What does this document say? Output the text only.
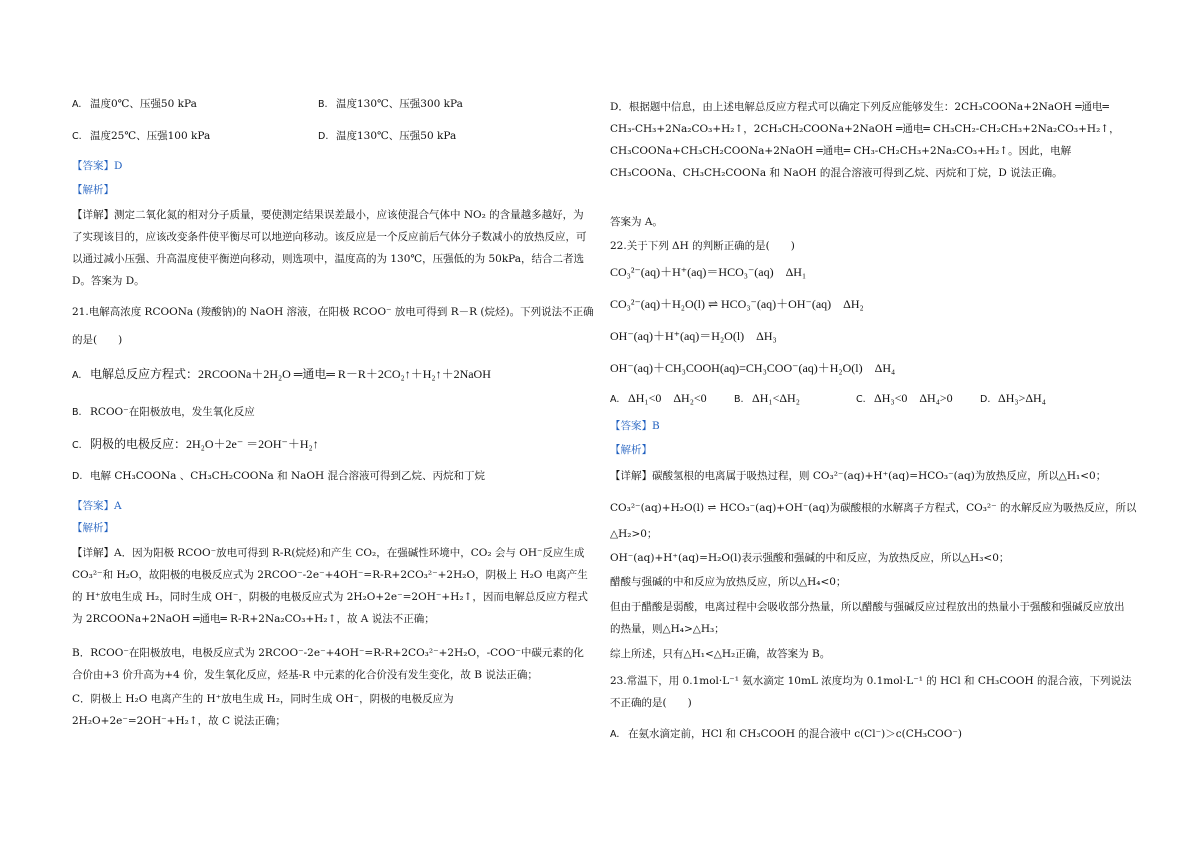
A. 温度0℃、压强50 kPa	B. 温度130℃、压强300 kPa
C. 温度25℃、压强100 kPa	D. 温度130℃、压强50 kPa
【答案】D
【解析】
【详解】测定二氧化氮的相对分子质量，要使测定结果误差最小，应该使混合气体中 NO₂ 的含量越多越好，为了实现该目的，应该改变条件使平衡尽可以地逆向移动。该反应是一个反应前后气体分子数减小的放热反应，可以通过减小压强、升高温度使平衡逆向移动，则选项中，温度高的为 130℃，压强低的为 50kPa，结合二者选 D。答案为 D。
21.电解高浓度 RCOONa (羧酸钠)的 NaOH 溶液，在阳极 RCOO⁻ 放电可得到 R－R (烷烃)。下列说法不正确
的是(　　)
A. 电解总反应方程式：2RCOONa＋2H₂O ═通电═ R－R＋2CO₂↑＋H₂↑＋2NaOH
B. RCOO⁻在阳极放电，发生氧化反应
C. 阴极的电极反应：2H₂O＋2e⁻ ＝2OH⁻＋H₂↑
D. 电解 CH₃COONa 、CH₃CH₂COONa 和 NaOH 混合溶液可得到乙烷、丙烷和丁烷
【答案】A
【解析】
【详解】A．因为阳极 RCOO⁻放电可得到 R-R(烷烃)和产生 CO₂，在强碱性环境中，CO₂ 会与 OH⁻反应生成 CO₃²⁻和 H₂O，故阳极的电极反应式为 2RCOO⁻-2e⁻+4OH⁻=R-R+2CO₃²⁻+2H₂O，阴极上 H₂O 电离产生的 H⁺放电生成 H₂，同时生成 OH⁻，阴极的电极反应式为 2H₂O+2e⁻=2OH⁻+H₂↑，因而电解总反应方程式为 2RCOONa+2NaOH ═通电═ R-R+2Na₂CO₃+H₂↑，故 A 说法不正确；
B．RCOO⁻在阳极放电，电极反应式为 2RCOO⁻-2e⁻+4OH⁻=R-R+2CO₃²⁻+2H₂O，-COO⁻中碳元素的化合价由+3 价升高为+4 价，发生氧化反应，烃基-R 中元素的化合价没有发生变化，故 B 说法正确；
C．阴极上 H₂O 电离产生的 H⁺放电生成 H₂，同时生成 OH⁻，阴极的电极反应为 2H₂O+2e⁻=2OH⁻+H₂↑，故 C 说法正确；
D．根据题中信息，由上述电解总反应方程式可以确定下列反应能够发生：2CH₃COONa+2NaOH ═通电═ CH₃-CH₃+2Na₂CO₃+H₂↑，2CH₃CH₂COONa+2NaOH ═通电═ CH₃CH₂-CH₂CH₃+2Na₂CO₃+H₂↑，CH₃COONa+CH₃CH₂COONa+2NaOH ═通电═ CH₃-CH₂CH₃+2Na₂CO₃+H₂↑。因此，电解 CH₃COONa、CH₃CH₂COONa 和 NaOH 的混合溶液可得到乙烷、丙烷和丁烷，D 说法正确。
答案为 A。
22.关于下列 ΔH 的判断正确的是(　　)
CO₃²⁻(aq)＋H⁺(aq)＝HCO₃⁻(aq)　ΔH₁
CO₃²⁻(aq)＋H₂O(l) ⇌ HCO₃⁻(aq)＋OH⁻(aq)　ΔH₂
OH⁻(aq)＋H⁺(aq)＝H₂O(l)　ΔH₃
OH⁻(aq)＋CH₃COOH(aq)=CH₃COO⁻(aq)＋H₂O(l)　ΔH₄
A. ΔH₁<0　ΔH₂<0	B. ΔH₁<ΔH₂	C. ΔH₃<0　ΔH₄>0	D. ΔH₃>ΔH₄
【答案】B
【解析】
【详解】碳酸氢根的电离属于吸热过程，则 CO₃²⁻(aq)+H⁺(aq)=HCO₃⁻(aq)为放热反应，所以△H₁<0；
CO₃²⁻(aq)+H₂O(l) ⇌ HCO₃⁻(aq)+OH⁻(aq)为碳酸根的水解离子方程式，CO₃²⁻ 的水解反应为吸热反应，所以
△H₂>0；
OH⁻(aq)+H⁺(aq)=H₂O(l)表示强酸和强碱的中和反应，为放热反应，所以△H₃<0；
醋酸与强碱的中和反应为放热反应，所以△H₄<0；
但由于醋酸是弱酸，电离过程中会吸收部分热量，所以醋酸与强碱反应过程放出的热量小于强酸和强碱反应放出的热量，则△H₄>△H₃；
综上所述，只有△H₁<△H₂正确，故答案为 B。
23.常温下，用 0.1mol·L⁻¹ 氨水滴定 10mL 浓度均为 0.1mol·L⁻¹ 的 HCl 和 CH₃COOH 的混合液，下列说法不正确的是(　　)
A. 在氨水滴定前，HCl 和 CH₃COOH 的混合液中 c(Cl⁻)＞c(CH₃COO⁻)
